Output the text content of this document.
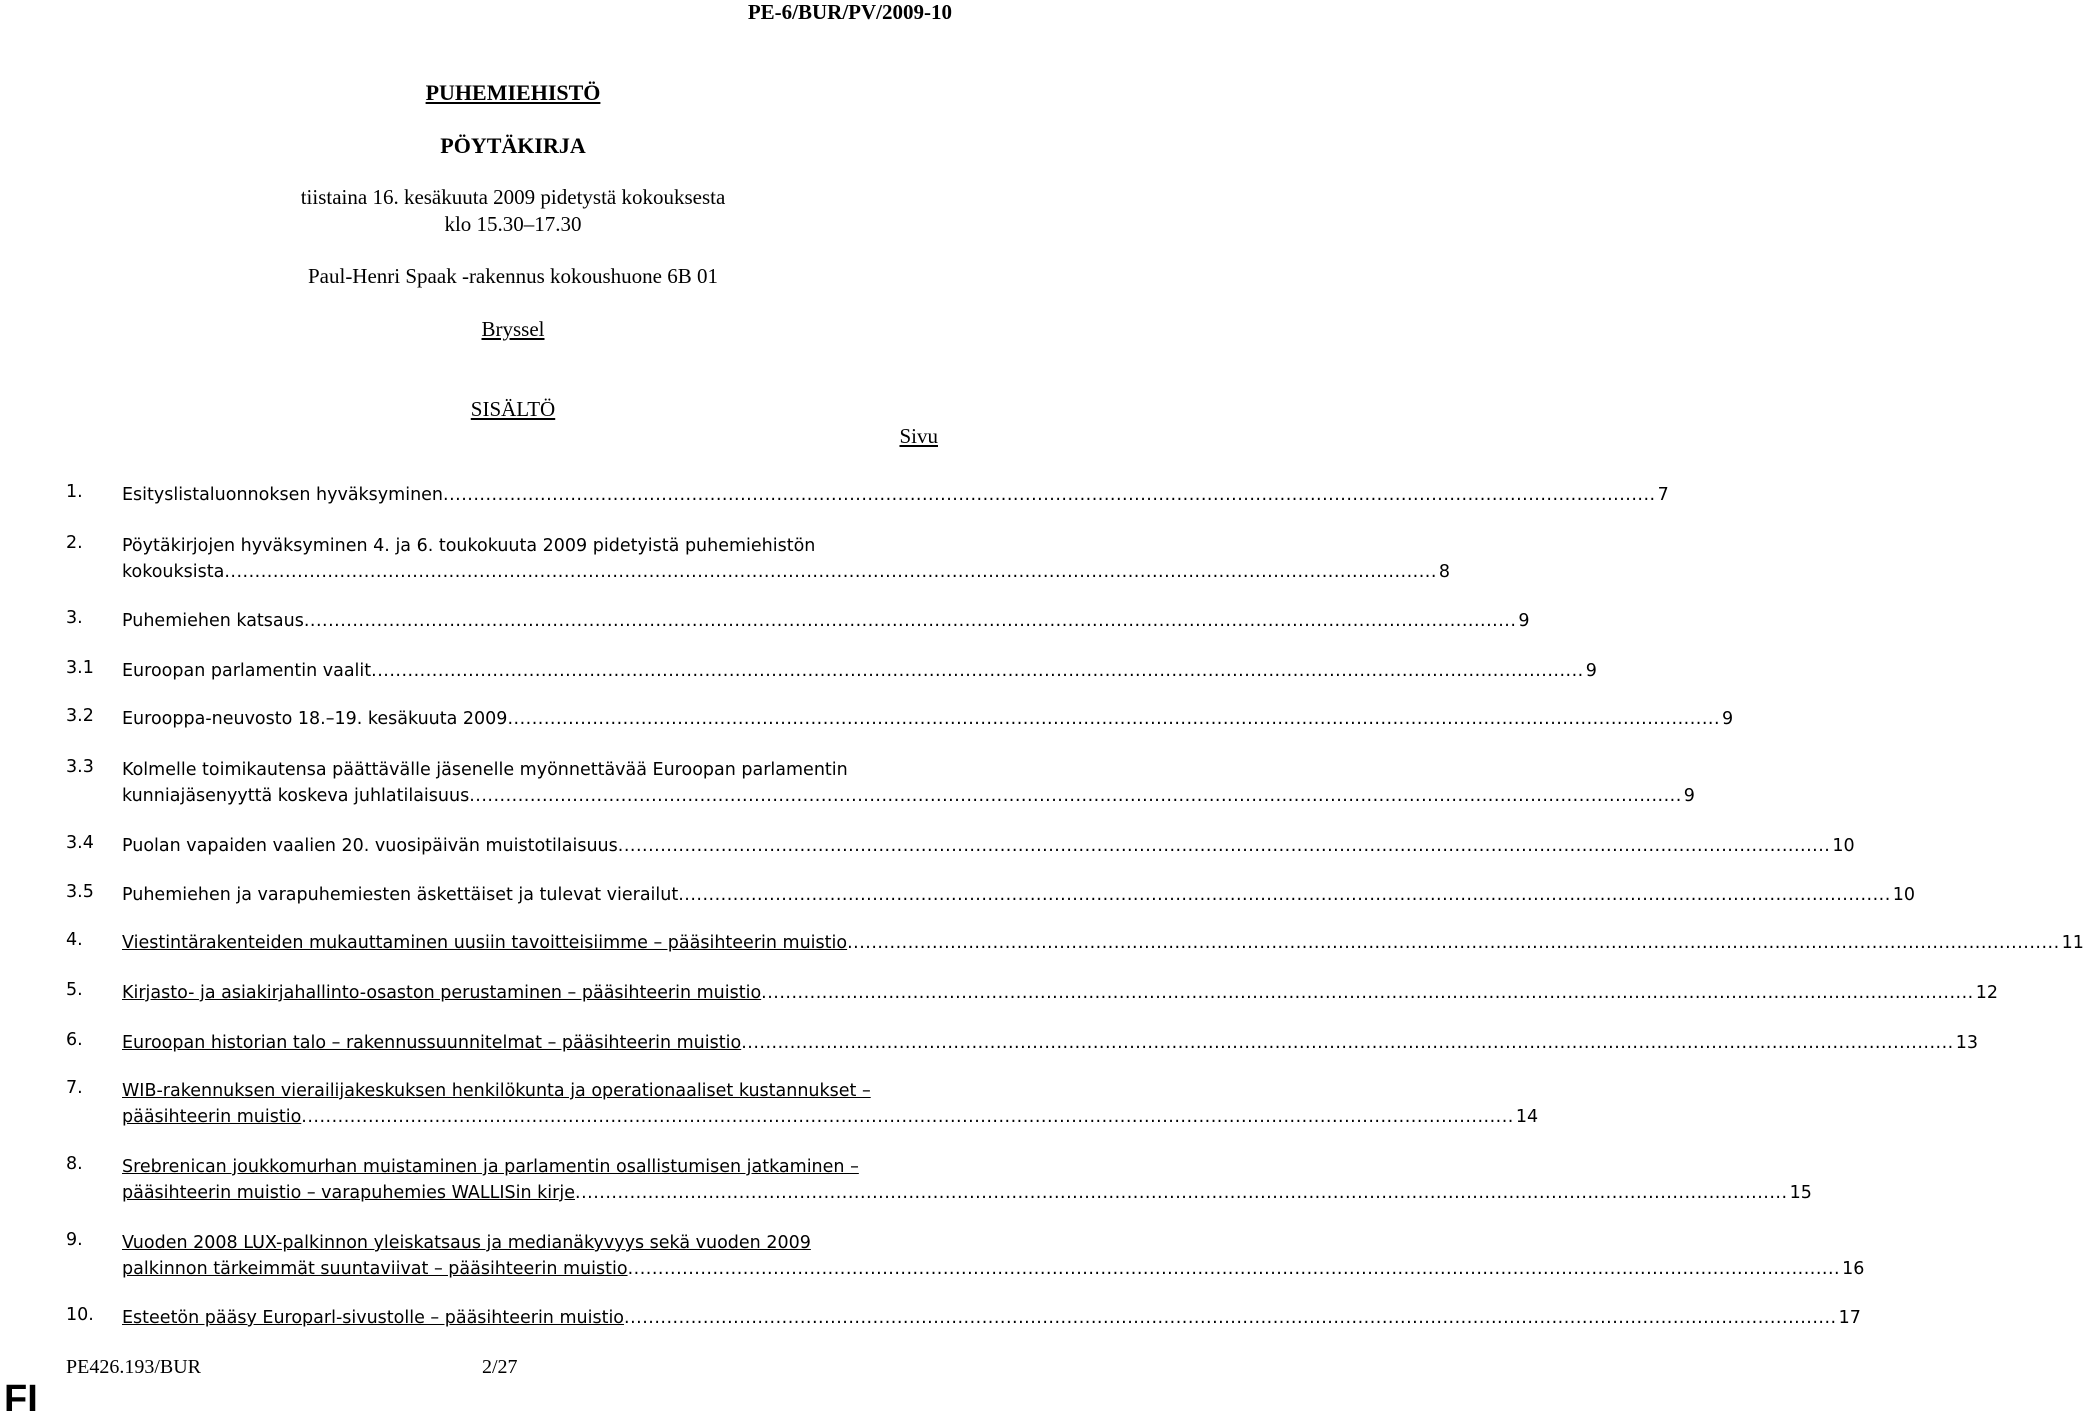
PE-6/BUR/PV/2009-10
PUHEMIEHISTÖ
PÖYTÄKIRJA
tiistaina 16. kesäkuuta 2009 pidetystä kokouksesta
klo 15.30–17.30
Paul-Henri Spaak -rakennus kokoushuone 6B 01
Bryssel
SISÄLTÖ
Sivu
1.	Esityslistaluonnoksen hyväksyminen ........................................................................................................................................................................................................ 7
2.	Pöytäkirjojen hyväksyminen 4. ja 6. toukokuuta 2009 pidetyistä puhemiehistön
kokouksista ........................................................................................................................................................................................................ 8
3.	Puhemiehen katsaus ........................................................................................................................................................................................................ 9
3.1	Euroopan parlamentin vaalit ........................................................................................................................................................................................................ 9
3.2	Eurooppa-neuvosto 18.–19. kesäkuuta 2009 ........................................................................................................................................................................................................ 9
3.3	Kolmelle toimikautensa päättävälle jäsenelle myönnettävää Euroopan parlamentin
kunniajäsenyyttä koskeva juhlatilaisuus ........................................................................................................................................................................................................ 9
3.4	Puolan vapaiden vaalien 20. vuosipäivän muistotilaisuus ........................................................................................................................................................................................................ 10
3.5	Puhemiehen ja varapuhemiesten äskettäiset ja tulevat vierailut ........................................................................................................................................................................................................ 10
4.	Viestintärakenteiden mukauttaminen uusiin tavoitteisiimme – pääsihteerin muistio ........................................................................................................................................................................................................ 11
5.	Kirjasto- ja asiakirjahallinto-osaston perustaminen – pääsihteerin muistio ........................................................................................................................................................................................................ 12
6.	Euroopan historian talo – rakennussuunnitelmat – pääsihteerin muistio ........................................................................................................................................................................................................ 13
7.	WIB-rakennuksen vierailijakeskuksen henkilökunta ja operationaaliset kustannukset –
pääsihteerin muistio ........................................................................................................................................................................................................ 14
8.	Srebrenican joukkomurhan muistaminen ja parlamentin osallistumisen jatkaminen –
pääsihteerin muistio – varapuhemies WALLISin kirje ........................................................................................................................................................................................................ 15
9.	Vuoden 2008 LUX-palkinnon yleiskatsaus ja medianäkyvyys sekä vuoden 2009
palkinnon tärkeimmät suuntaviivat – pääsihteerin muistio ........................................................................................................................................................................................................ 16
10.	Esteetön pääsy Europarl-sivustolle – pääsihteerin muistio ........................................................................................................................................................................................................ 17
PE426.193/BUR	2/27
FI
